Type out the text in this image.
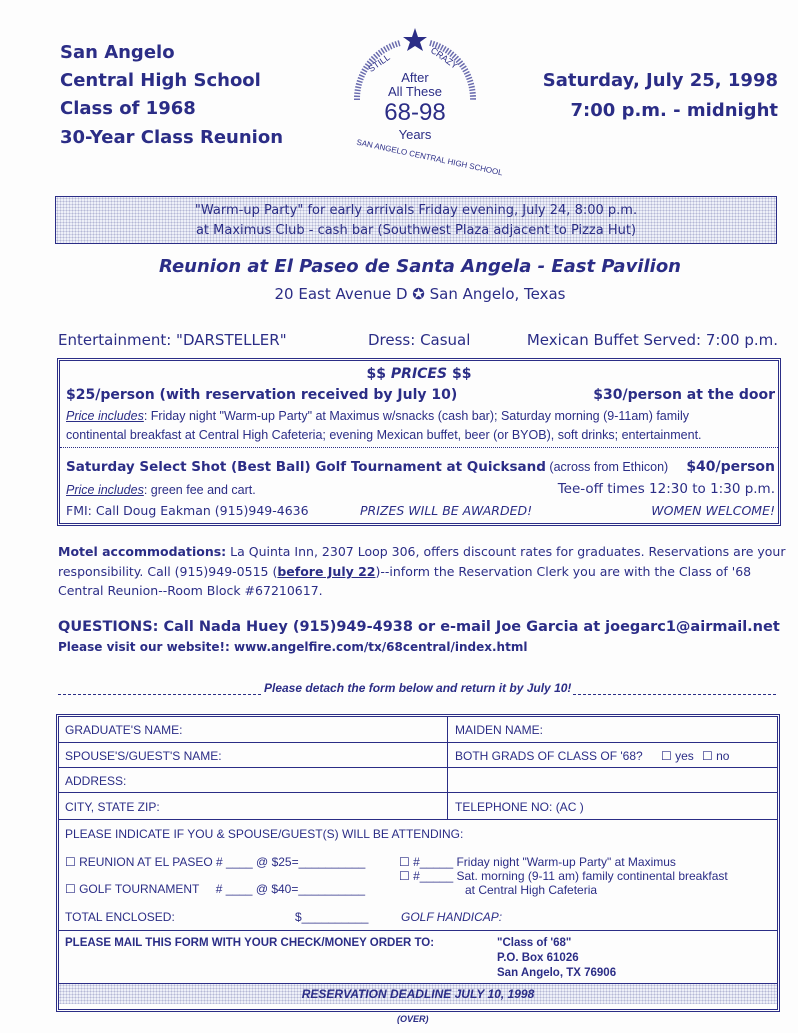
San Angelo
Central High School
Class of 1968
30-Year Class Reunion
Saturday, July 25, 1998
7:00 p.m. - midnight
STILL	CRAZY
After
All These
68-98
Years
SAN ANGELO CENTRAL HIGH SCHOOL
"Warm-up Party" for early arrivals Friday evening, July 24, 8:00 p.m.
at Maximus Club - cash bar (Southwest Plaza adjacent to Pizza Hut)
Reunion at El Paseo de Santa Angela - East Pavilion
20 East Avenue D ✪ San Angelo, Texas
Entertainment: "DARSTELLER"	Dress: Casual	Mexican Buffet Served: 7:00 p.m.
$$ PRICES $$
$25/person (with reservation received by July 10)	$30/person at the door
Price includes: Friday night "Warm-up Party" at Maximus w/snacks (cash bar); Saturday morning (9-11am) family
continental breakfast at Central High Cafeteria; evening Mexican buffet, beer (or BYOB), soft drinks; entertainment.
Saturday Select Shot (Best Ball) Golf Tournament at Quicksand (across from Ethicon) $40/person
Price includes: green fee and cart.	Tee-off times 12:30 to 1:30 p.m.
FMI: Call Doug Eakman (915)949-4636	PRIZES WILL BE AWARDED!	WOMEN WELCOME!
Motel accommodations: La Quinta Inn, 2307 Loop 306, offers discount rates for graduates. Reservations are your
responsibility. Call (915)949-0515 (before July 22)--inform the Reservation Clerk you are with the Class of '68
Central Reunion--Room Block #67210617.
QUESTIONS: Call Nada Huey (915)949-4938 or e-mail Joe Garcia at joegarc1@airmail.net
Please visit our website!: www.angelfire.com/tx/68central/index.html
Please detach the form below and return it by July 10!
GRADUATE'S NAME:	MAIDEN NAME:
SPOUSE'S/GUEST'S NAME:	BOTH GRADS OF CLASS OF '68? ☐ yes ☐ no
ADDRESS:
CITY, STATE ZIP:	TELEPHONE NO: (AC )
PLEASE INDICATE IF YOU & SPOUSE/GUEST(S) WILL BE ATTENDING:
☐ REUNION AT EL PASEO # ____ @ $25=__________
☐ GOLF TOURNAMENT     # ____ @ $40=__________
☐ #_____ Friday night "Warm-up Party" at Maximus
☐ #_____ Sat. morning (9-11 am) family continental breakfast
at Central High Cafeteria
TOTAL ENCLOSED:	$__________	GOLF HANDICAP:
PLEASE MAIL THIS FORM WITH YOUR CHECK/MONEY ORDER TO:	"Class of '68"
P.O. Box 61026
San Angelo, TX 76906
RESERVATION DEADLINE JULY 10, 1998
(OVER)
